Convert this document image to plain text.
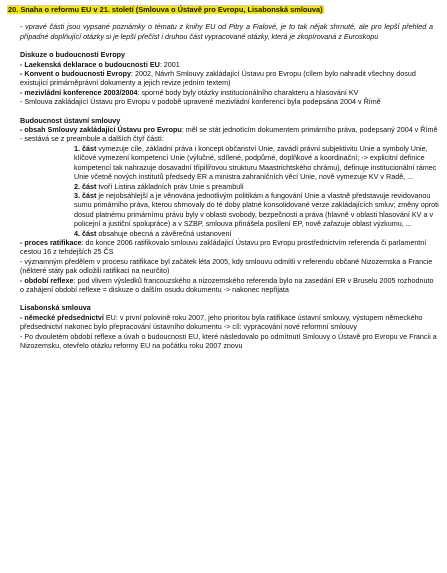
20. Snaha o reformu EU v 21. století (Smlouva o Ústavě pro Evropu, Lisabonská smlouva)
- vpravé části jsou vypsané poznámky o tématu z knihy EU od Pitry a Fialové, je to tak nějak shrnuté, ale pro lepší přehled a případné doplňující otázky si je lepší přečíst i druhou část vypracované otázky, která je zkopírovaná z Euroskopu
Diskuze o budoucnosti Evropy

- Laekenská deklarace o budoucnosti EU: 2001

- Konvent o budoucnosti Evropy: 2002, Návrh Smlouvy zakládající Ústavu pro Evropu (cílem bylo nahradit všechny dosud existující primárněprávní dokumenty a jejich revize jedním textem)

- mezivládní konference 2003/2004: sporné body byly otázky institucionálního charakteru a hlasování KV

- Smlouva zakládající Ústavu pro Evropu v podobě upravené mezivládní konferencí byla podepsána 2004 v Římě

Budoucnost ústavní smlouvy

- obsah Smlouvy zakládající Ústavu pro Evropu: měl se stát jednotícím dokumentem primárního práva, podepsaný 2004 v Římě

- sestává se z preambule a dalších čtyř částí:

1. část vymezuje cíle, základní práva i koncept občanství Unie, zavádí právní subjektivitu Unie a symboly Unie, klíčové vymezení kompetencí Unie (výlučné, sdílené, podpůrné, doplňkové a koordinační; -> explicitní definice kompetencí tak nahrazuje dosavadní třípilířovou strukturu Maastrichtského chrámu), definuje institucionální rámec Unie včetně nových institutů předsedy ER a ministra zahraničních věcí Unie, nově vymezuje KV v Radě, ...

2. část tvoří Listina základních práv Unie s preambulí

3. část je nejobsáhlejší a je věnována jednotlivým politikám a fungování Unie a vlastně představuje revidovanou sumu primárního práva, kterou shrnovaly do té doby platné konsolidované verze zakládajících smluv; změny oproti dosud platnému primárnímu právu byly v oblasti svobody, bezpečnosti a práva (hlavně v oblasti hlasování KV a v policejní a justiční spolupráce) a v SZBP, smlouva přinášela posílení EP, nově zařazuje oblast výzkumu, ...

4. část obsahuje obecná a závěrečná ustanovení

- proces ratifikace: do konce 2006 ratifikovalo smlouvu zakládající Ústavu pro Evropu prostřednictvím referenda či parlamentní cestou 16 z tehdejších 25 ČS

- významným předělem v procesu ratifikace byl začátek léta 2005, kdy smlouvu odmítli v referendu občané Nizozemska a Francie (některé státy pak odložili ratifikaci na neurčito)

- období reflexe: pod vlivem výsledků francouzského a nizozemského referenda bylo na zasedání ER v Bruselu 2005 rozhodnuto o zahájení období reflexe = diskuze o dalším osudu dokumentu -> nakonec nepřijata

Lisabonská smlouva

- německé předsednictví EU: v první polovině roku 2007, jeho prioritou byla ratifikace ústavní smlouvy, výstupem německého předsednictví nakonec bylo přepracování ústavního dokumentu -> cíl: vypracování nové reformní smlouvy

- Po dvouletém období reflexe a úvah o budoucnosti EU, které následovalo po odmítnutí Smlouvy o Ústavě pro Evropu ve Francii a Nizozemsku, otevřelo otázku reformy EU na počátku roku 2007 znovu
